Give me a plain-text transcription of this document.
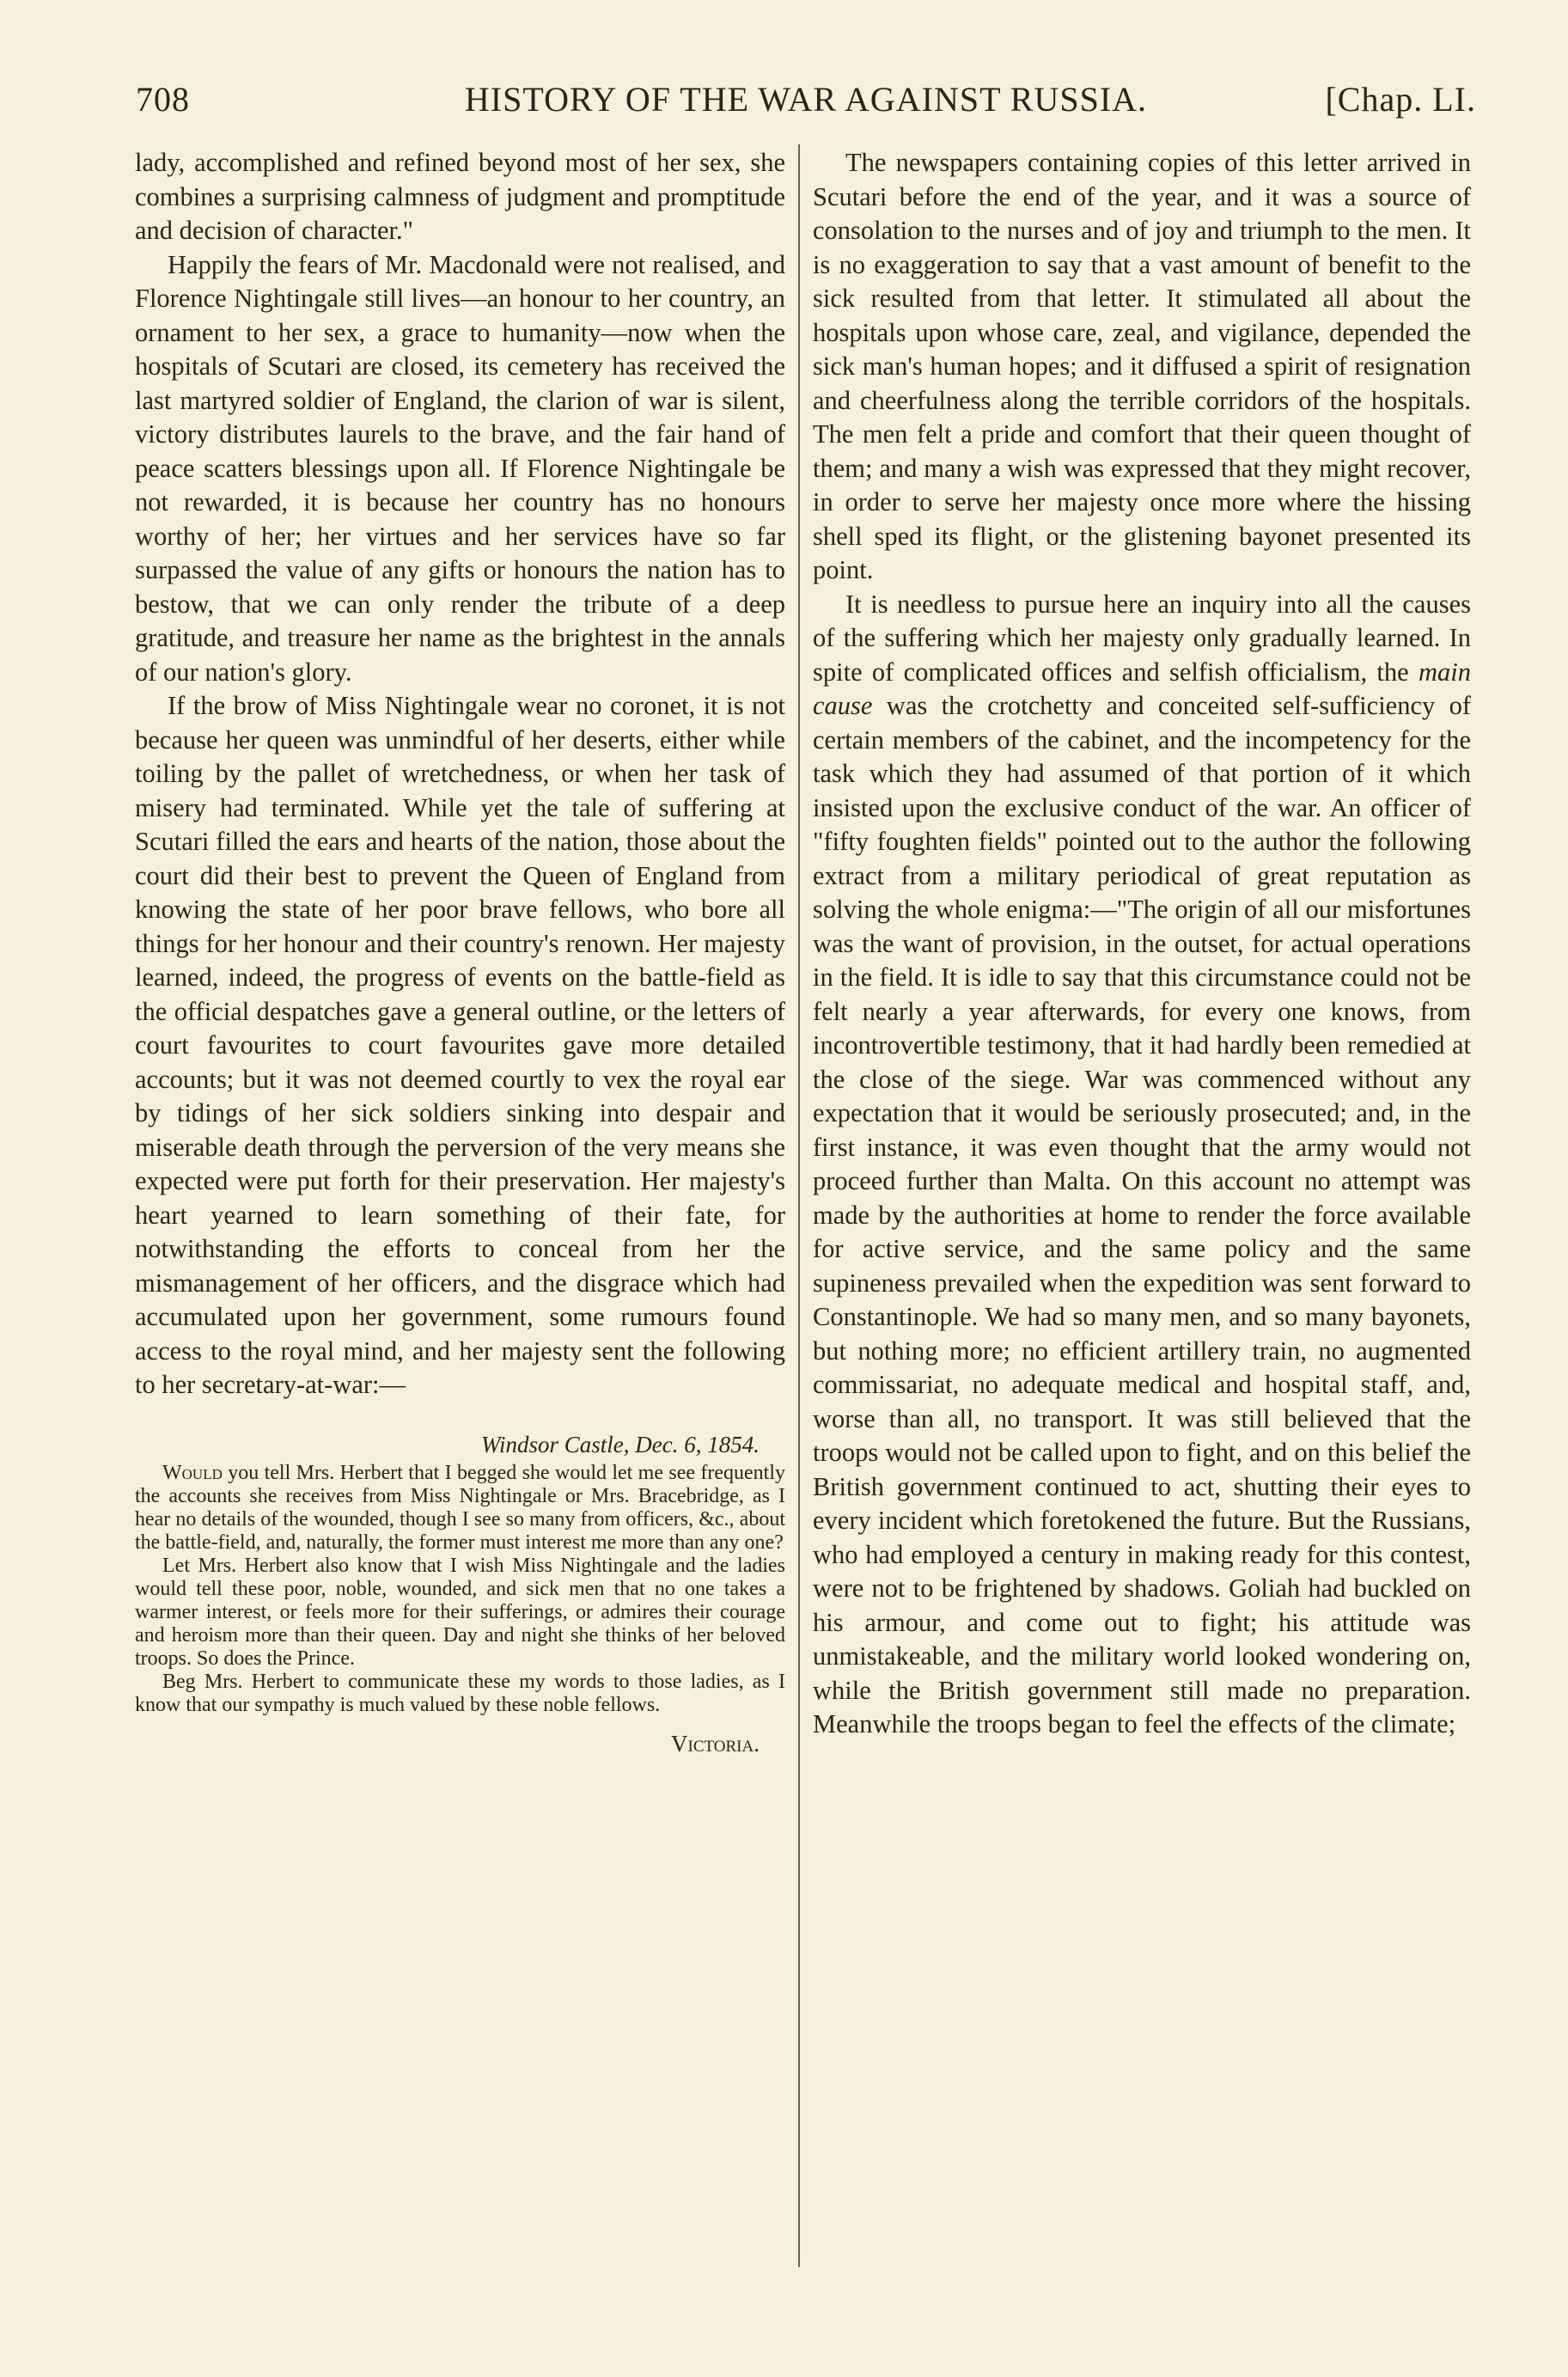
708	HISTORY OF THE WAR AGAINST RUSSIA.	[Chap. LI.

lady, accomplished and refined beyond most of her sex, she combines a surprising calmness of judgment and promptitude and decision of character."

Happily the fears of Mr. Macdonald were not realised, and Florence Nightingale still lives—an honour to her country, an ornament to her sex, a grace to humanity—now when the hospitals of Scutari are closed, its cemetery has received the last martyred soldier of England, the clarion of war is silent, victory distributes laurels to the brave, and the fair hand of peace scatters blessings upon all. If Florence Nightingale be not rewarded, it is because her country has no honours worthy of her; her virtues and her services have so far surpassed the value of any gifts or honours the nation has to bestow, that we can only render the tribute of a deep gratitude, and treasure her name as the brightest in the annals of our nation's glory.

If the brow of Miss Nightingale wear no coronet, it is not because her queen was unmindful of her deserts, either while toiling by the pallet of wretchedness, or when her task of misery had terminated. While yet the tale of suffering at Scutari filled the ears and hearts of the nation, those about the court did their best to prevent the Queen of England from knowing the state of her poor brave fellows, who bore all things for her honour and their country's renown. Her majesty learned, indeed, the progress of events on the battle-field as the official despatches gave a general outline, or the letters of court favourites to court favourites gave more detailed accounts; but it was not deemed courtly to vex the royal ear by tidings of her sick soldiers sinking into despair and miserable death through the perversion of the very means she expected were put forth for their preservation. Her majesty's heart yearned to learn something of their fate, for notwithstanding the efforts to conceal from her the mismanagement of her officers, and the disgrace which had accumulated upon her government, some rumours found access to the royal mind, and her majesty sent the following to her secretary-at-war:—

Windsor Castle, Dec. 6, 1854.

Would you tell Mrs. Herbert that I begged she would let me see frequently the accounts she receives from Miss Nightingale or Mrs. Bracebridge, as I hear no details of the wounded, though I see so many from officers, &c., about the battle-field, and, naturally, the former must interest me more than any one?

Let Mrs. Herbert also know that I wish Miss Nightingale and the ladies would tell these poor, noble, wounded, and sick men that no one takes a warmer interest, or feels more for their sufferings, or admires their courage and heroism more than their queen. Day and night she thinks of her beloved troops. So does the Prince.

Beg Mrs. Herbert to communicate these my words to those ladies, as I know that our sympathy is much valued by these noble fellows.

Victoria.

The newspapers containing copies of this letter arrived in Scutari before the end of the year, and it was a source of consolation to the nurses and of joy and triumph to the men. It is no exaggeration to say that a vast amount of benefit to the sick resulted from that letter. It stimulated all about the hospitals upon whose care, zeal, and vigilance, depended the sick man's human hopes; and it diffused a spirit of resignation and cheerfulness along the terrible corridors of the hospitals. The men felt a pride and comfort that their queen thought of them; and many a wish was expressed that they might recover, in order to serve her majesty once more where the hissing shell sped its flight, or the glistening bayonet presented its point.

It is needless to pursue here an inquiry into all the causes of the suffering which her majesty only gradually learned. In spite of complicated offices and selfish officialism, the main cause was the crotchetty and conceited self-sufficiency of certain members of the cabinet, and the incompetency for the task which they had assumed of that portion of it which insisted upon the exclusive conduct of the war. An officer of "fifty foughten fields" pointed out to the author the following extract from a military periodical of great reputation as solving the whole enigma:—"The origin of all our misfortunes was the want of provision, in the outset, for actual operations in the field. It is idle to say that this circumstance could not be felt nearly a year afterwards, for every one knows, from incontrovertible testimony, that it had hardly been remedied at the close of the siege. War was commenced without any expectation that it would be seriously prosecuted; and, in the first instance, it was even thought that the army would not proceed further than Malta. On this account no attempt was made by the authorities at home to render the force available for active service, and the same policy and the same supineness prevailed when the expedition was sent forward to Constantinople. We had so many men, and so many bayonets, but nothing more; no efficient artillery train, no augmented commissariat, no adequate medical and hospital staff, and, worse than all, no transport. It was still believed that the troops would not be called upon to fight, and on this belief the British government continued to act, shutting their eyes to every incident which foretokened the future. But the Russians, who had employed a century in making ready for this contest, were not to be frightened by shadows. Goliah had buckled on his armour, and come out to fight; his attitude was unmistakeable, and the military world looked wondering on, while the British government still made no preparation. Meanwhile the troops began to feel the effects of the climate;
